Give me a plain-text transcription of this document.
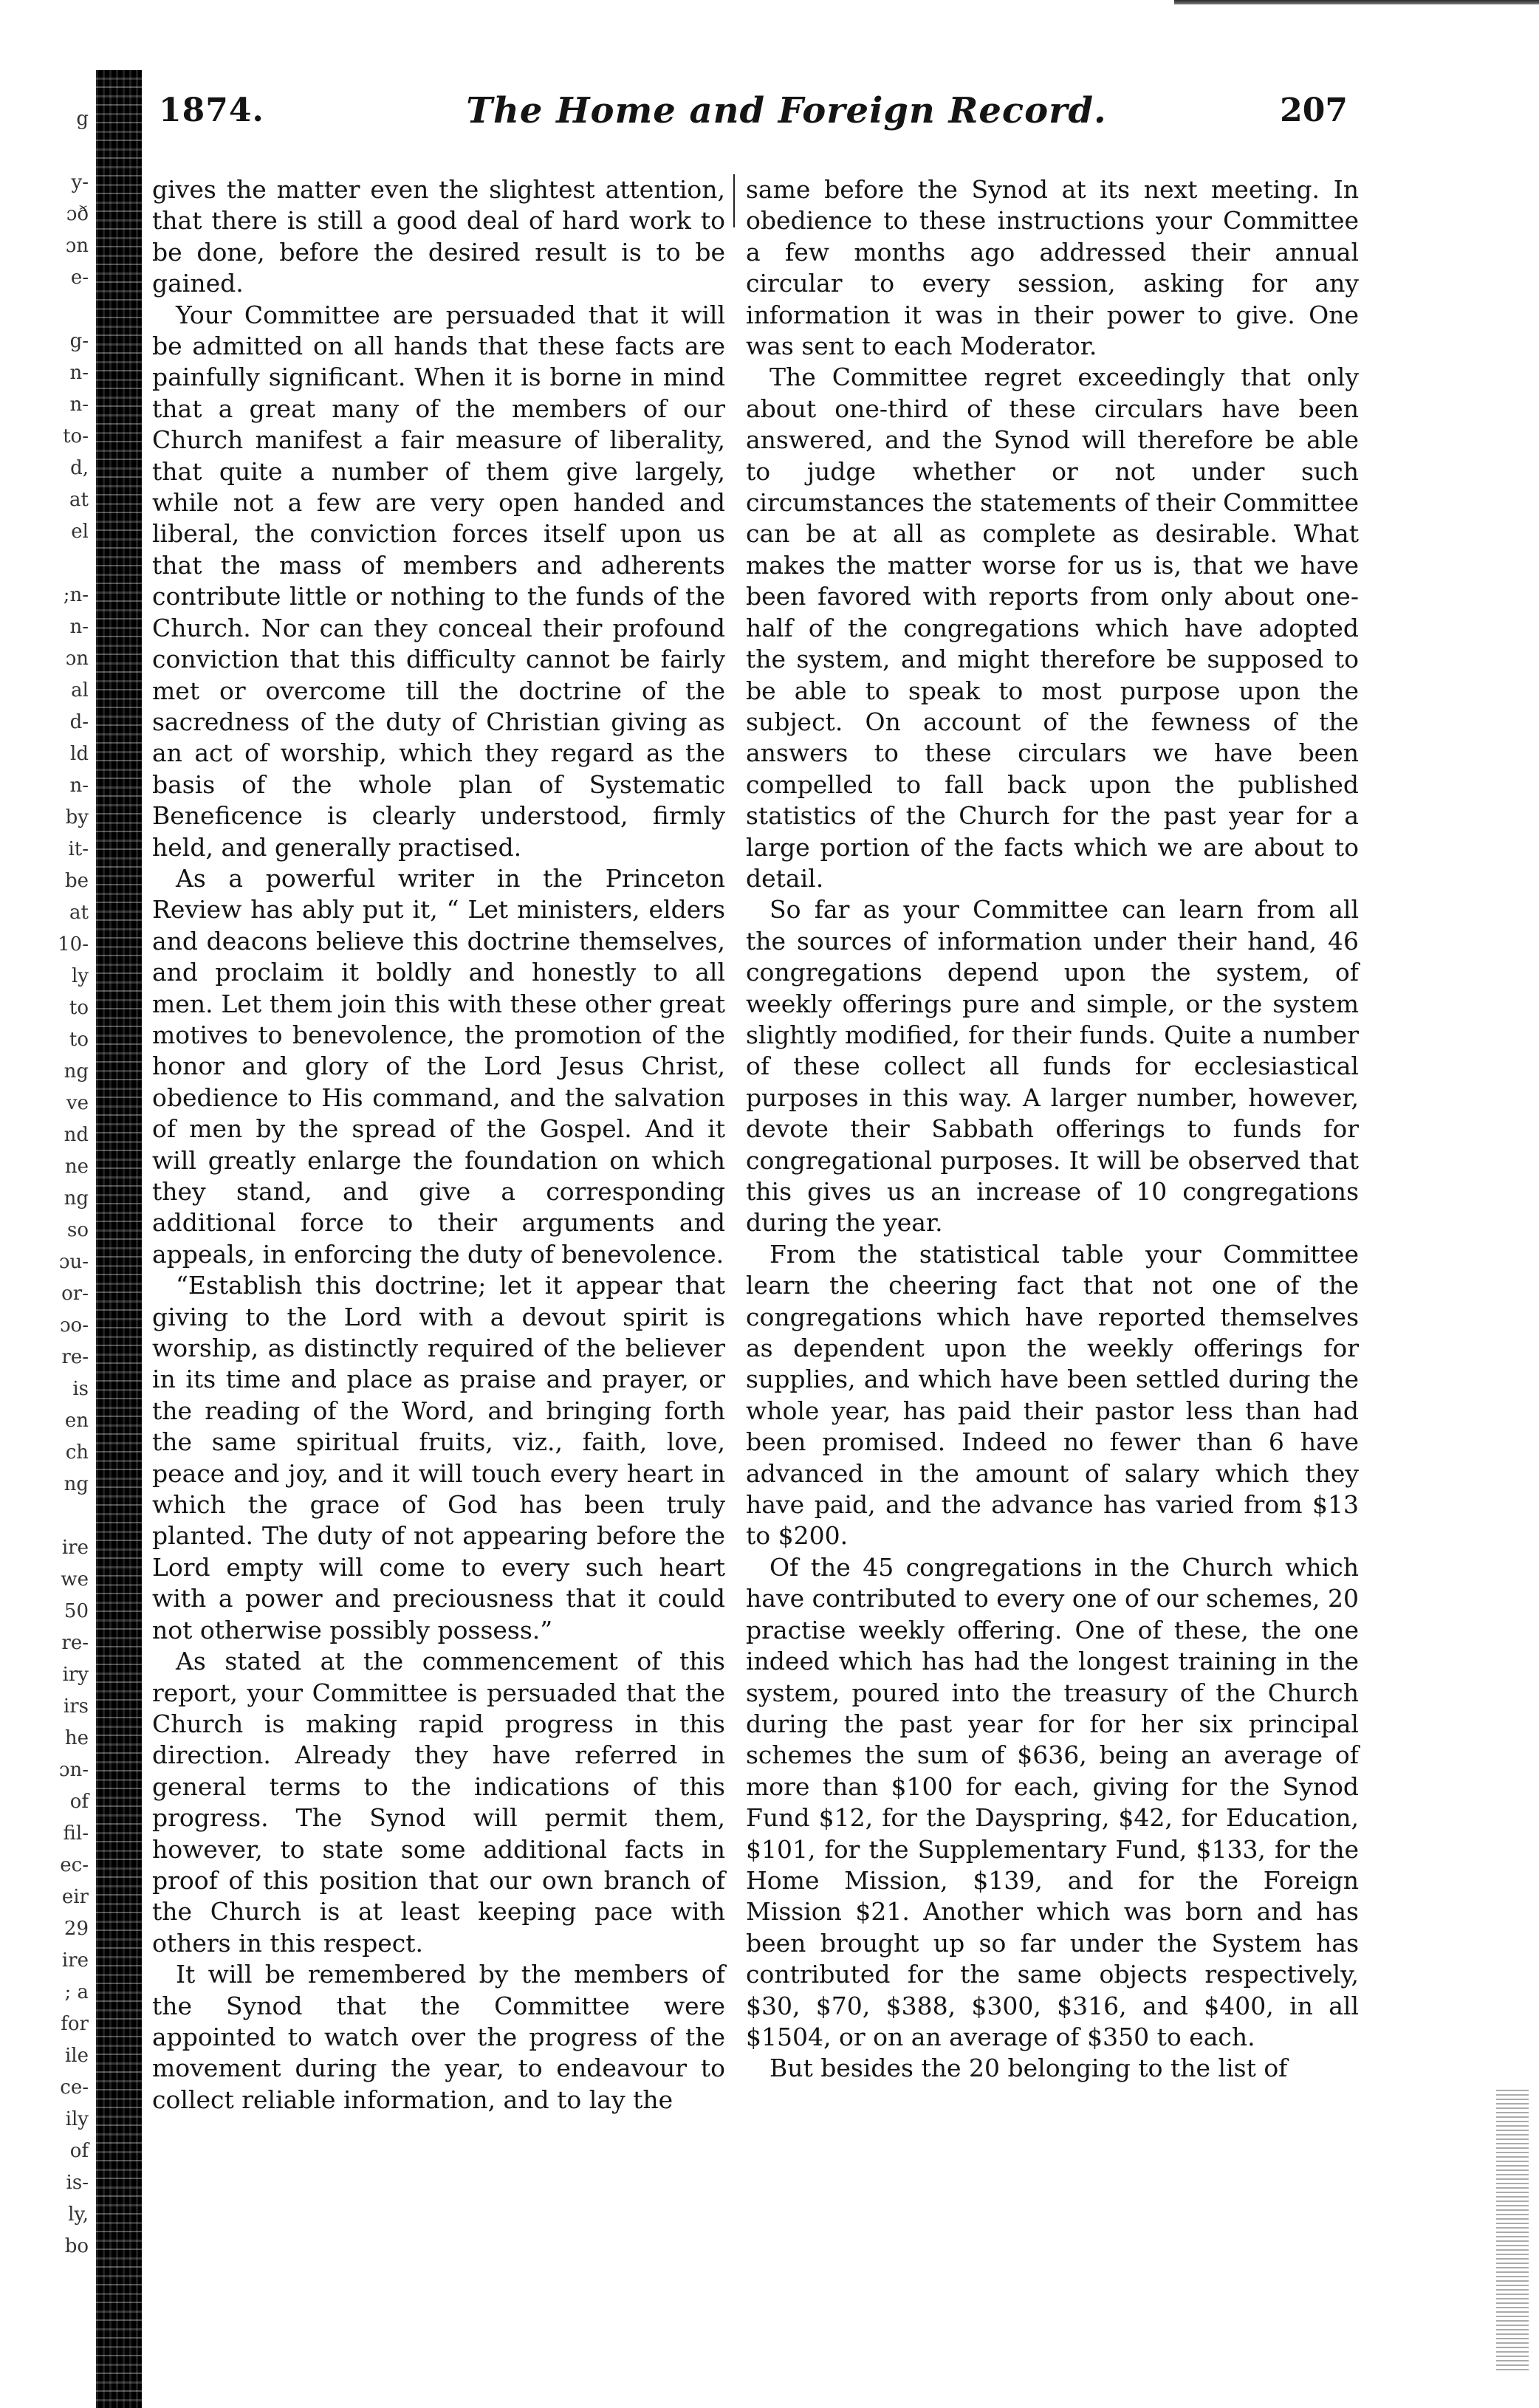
g

y-
ɔð
ɔn
e-

g-
n-
n-
to-
d,
at
el

;n-
n-
ɔn
al
d-
ld
n-
by
it-
be
at
10-
ly
to
to
ng
ve
nd
ne
ng
so
ɔu-
or-
ɔo-
re-
is
en
ch
ng

ire
we
50
re-
iry
irs
he
ɔn-
of
fil-
ec-
eir
29
ire
; a
for
ile
ce-
ily
of
is-
ly,
bo
1874.	The Home and Foreign Record.	207

gives the matter even the slightest attention, that there is still a good deal of hard work to be done, before the desired result is to be gained.

Your Committee are persuaded that it will be admitted on all hands that these facts are painfully significant. When it is borne in mind that a great many of the members of our Church manifest a fair measure of liberality, that quite a number of them give largely, while not a few are very open handed and liberal, the conviction forces itself upon us that the mass of members and adherents contribute little or nothing to the funds of the Church. Nor can they conceal their profound conviction that this difficulty cannot be fairly met or overcome till the doctrine of the sacredness of the duty of Christian giving as an act of worship, which they regard as the basis of the whole plan of Systematic Beneficence is clearly understood, firmly held, and generally practised.

As a powerful writer in the Princeton Review has ably put it, “ Let ministers, elders and deacons believe this doctrine themselves, and proclaim it boldly and honestly to all men. Let them join this with these other great motives to benevolence, the promotion of the honor and glory of the Lord Jesus Christ, obedience to His command, and the salvation of men by the spread of the Gospel. And it will greatly enlarge the foundation on which they stand, and give a corresponding additional force to their arguments and appeals, in enforcing the duty of benevolence.

“Establish this doctrine; let it appear that giving to the Lord with a devout spirit is worship, as distinctly required of the believer in its time and place as praise and prayer, or the reading of the Word, and bringing forth the same spiritual fruits, viz., faith, love, peace and joy, and it will touch every heart in which the grace of God has been truly planted. The duty of not appearing before the Lord empty will come to every such heart with a power and preciousness that it could not otherwise possibly possess.”

As stated at the commencement of this report, your Committee is persuaded that the Church is making rapid progress in this direction. Already they have referred in general terms to the indications of this progress. The Synod will permit them, however, to state some additional facts in proof of this position that our own branch of the Church is at least keeping pace with others in this respect.

It will be remembered by the members of the Synod that the Committee were appointed to watch over the progress of the movement during the year, to endeavour to collect reliable information, and to lay the

same before the Synod at its next meeting. In obedience to these instructions your Committee a few months ago addressed their annual circular to every session, asking for any information it was in their power to give. One was sent to each Moderator.

The Committee regret exceedingly that only about one-third of these circulars have been answered, and the Synod will therefore be able to judge whether or not under such circumstances the statements of their Committee can be at all as complete as desirable. What makes the matter worse for us is, that we have been favored with reports from only about one-half of the congregations which have adopted the system, and might therefore be supposed to be able to speak to most purpose upon the subject. On account of the fewness of the answers to these circulars we have been compelled to fall back upon the published statistics of the Church for the past year for a large portion of the facts which we are about to detail.

So far as your Committee can learn from all the sources of information under their hand, 46 congregations depend upon the system, of weekly offerings pure and simple, or the system slightly modified, for their funds. Quite a number of these collect all funds for ecclesiastical purposes in this way. A larger number, however, devote their Sabbath offerings to funds for congregational purposes. It will be observed that this gives us an increase of 10 congregations during the year.

From the statistical table your Committee learn the cheering fact that not one of the congregations which have reported themselves as dependent upon the weekly offerings for supplies, and which have been settled during the whole year, has paid their pastor less than had been promised. Indeed no fewer than 6 have advanced in the amount of salary which they have paid, and the advance has varied from $13 to $200.

Of the 45 congregations in the Church which have contributed to every one of our schemes, 20 practise weekly offering. One of these, the one indeed which has had the longest training in the system, poured into the treasury of the Church during the past year for for her six principal schemes the sum of $636, being an average of more than $100 for each, giving for the Synod Fund $12, for the Dayspring, $42, for Education, $101, for the Supplementary Fund, $133, for the Home Mission, $139, and for the Foreign Mission $21. Another which was born and has been brought up so far under the System has contributed for the same objects respectively, $30, $70, $388, $300, $316, and $400, in all $1504, or on an average of $350 to each.

But besides the 20 belonging to the list of
